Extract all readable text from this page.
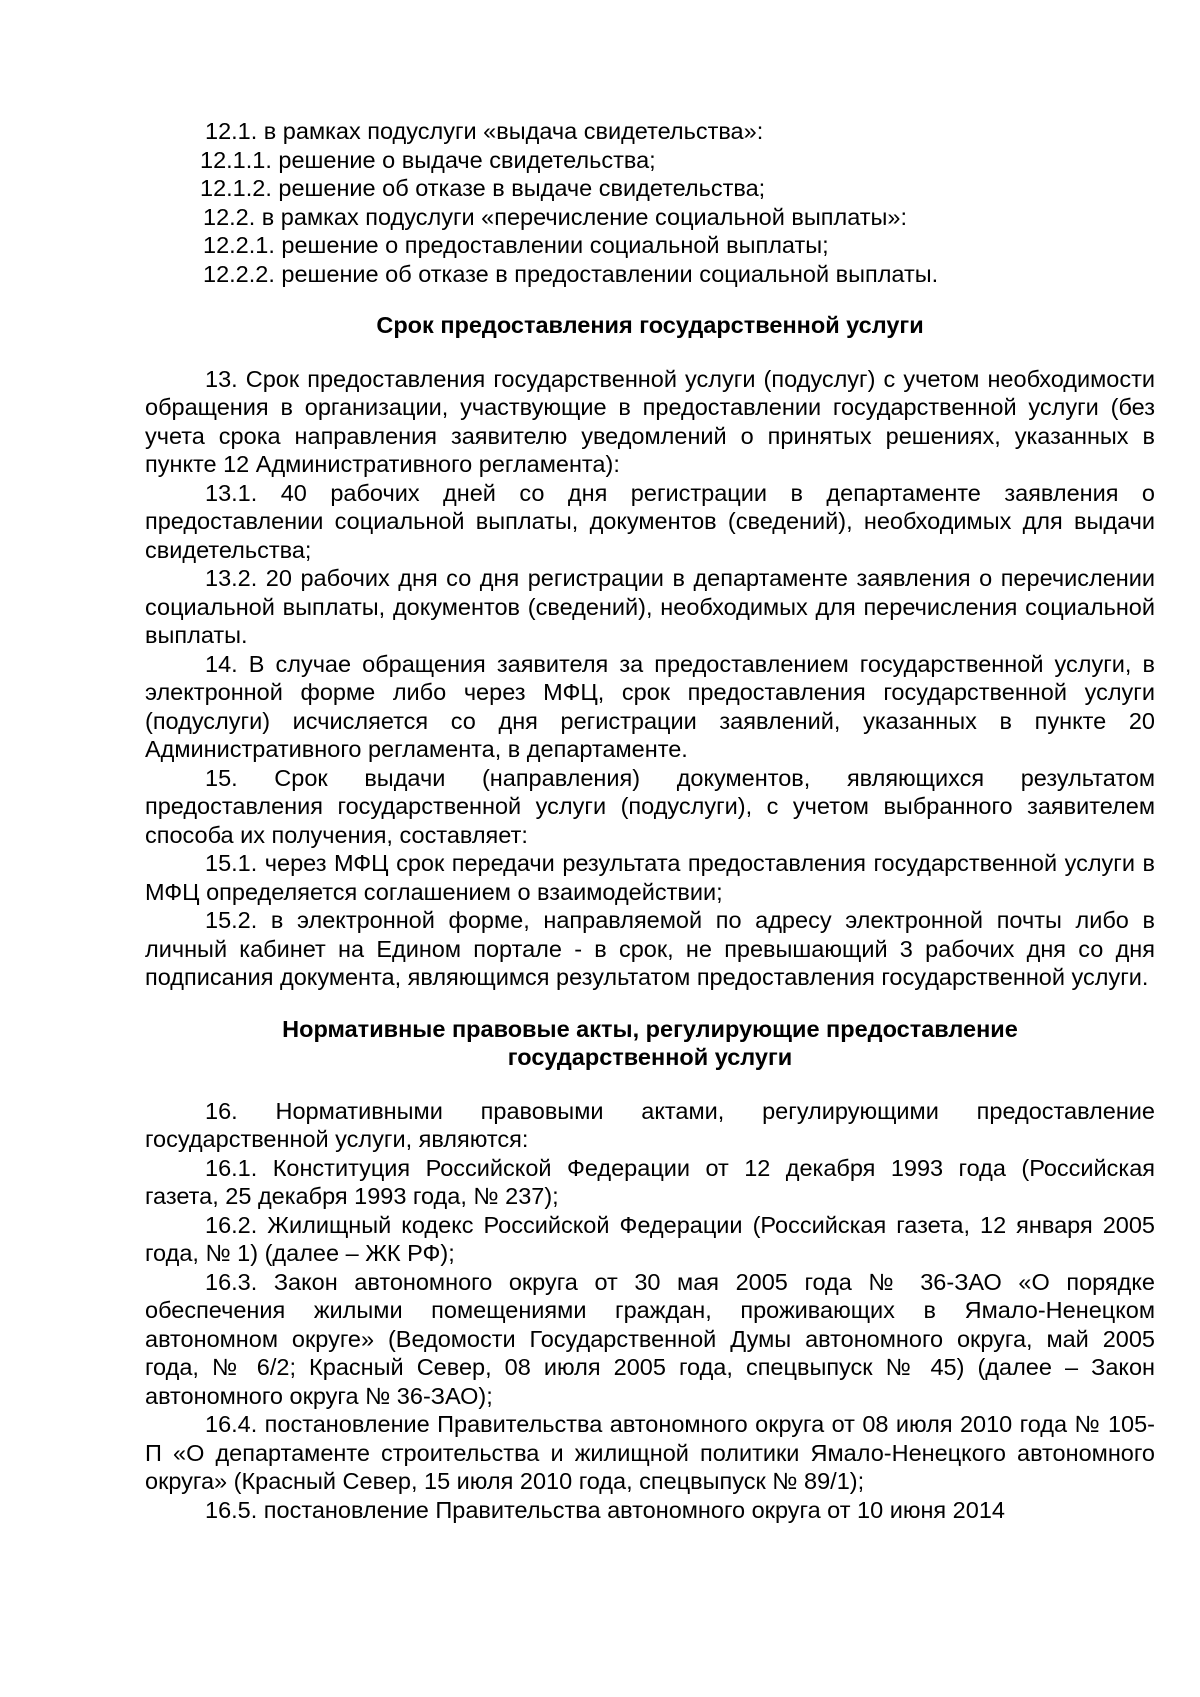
12.1. в рамках подуслуги «выдача свидетельства»:

12.1.1. решение о выдаче свидетельства;

12.1.2. решение об отказе в выдаче свидетельства;

12.2. в рамках подуслуги «перечисление социальной выплаты»:

12.2.1. решение о предоставлении социальной выплаты;

12.2.2. решение об отказе в предоставлении социальной выплаты.

Срок предоставления государственной услуги

13. Срок предоставления государственной услуги (подуслуг) с учетом необходимости обращения в организации, участвующие в предоставлении государственной услуги (без учета срока направления заявителю уведомлений о принятых решениях, указанных в пункте 12 Административного регламента):

13.1. 40 рабочих дней со дня регистрации в департаменте заявления о предоставлении социальной выплаты, документов (сведений), необходимых для выдачи свидетельства;

13.2. 20 рабочих дня со дня регистрации в департаменте заявления о перечислении социальной выплаты, документов (сведений), необходимых для перечисления социальной выплаты.

14. В случае обращения заявителя за предоставлением государственной услуги, в электронной форме либо через МФЦ, срок предоставления государственной услуги (подуслуги) исчисляется со дня регистрации заявлений, указанных в пункте 20 Административного регламента, в департаменте.

15. Срок выдачи (направления) документов, являющихся результатом предоставления государственной услуги (подуслуги), с учетом выбранного заявителем способа их получения, составляет:

15.1. через МФЦ срок передачи результата предоставления государственной услуги в МФЦ определяется соглашением о взаимодействии;

15.2. в электронной форме, направляемой по адресу электронной почты либо в личный кабинет на Едином портале - в срок, не превышающий 3 рабочих дня со дня подписания документа, являющимся результатом предоставления государственной услуги.

Нормативные правовые акты, регулирующие предоставление

государственной услуги

16. Нормативными правовыми актами, регулирующими предоставление государственной услуги, являются:

16.1. Конституция Российской Федерации от 12 декабря 1993 года (Российская газета, 25 декабря 1993 года, № 237);

16.2. Жилищный кодекс Российской Федерации (Российская газета, 12 января 2005 года, № 1) (далее – ЖК РФ);

16.3. Закон автономного округа от 30 мая 2005 года № 36-ЗАО «О порядке обеспечения жилыми помещениями граждан, проживающих в Ямало-Ненецком автономном округе» (Ведомости Государственной Думы автономного округа, май 2005 года, № 6/2; Красный Север, 08 июля 2005 года, спецвыпуск № 45) (далее – Закон автономного округа № 36-ЗАО);

16.4. постановление Правительства автономного округа от 08 июля 2010 года № 105-П «О департаменте строительства и жилищной политики Ямало-Ненецкого автономного округа» (Красный Север, 15 июля 2010 года, спецвыпуск № 89/1);

16.5. постановление Правительства автономного округа от 10 июня 2014
